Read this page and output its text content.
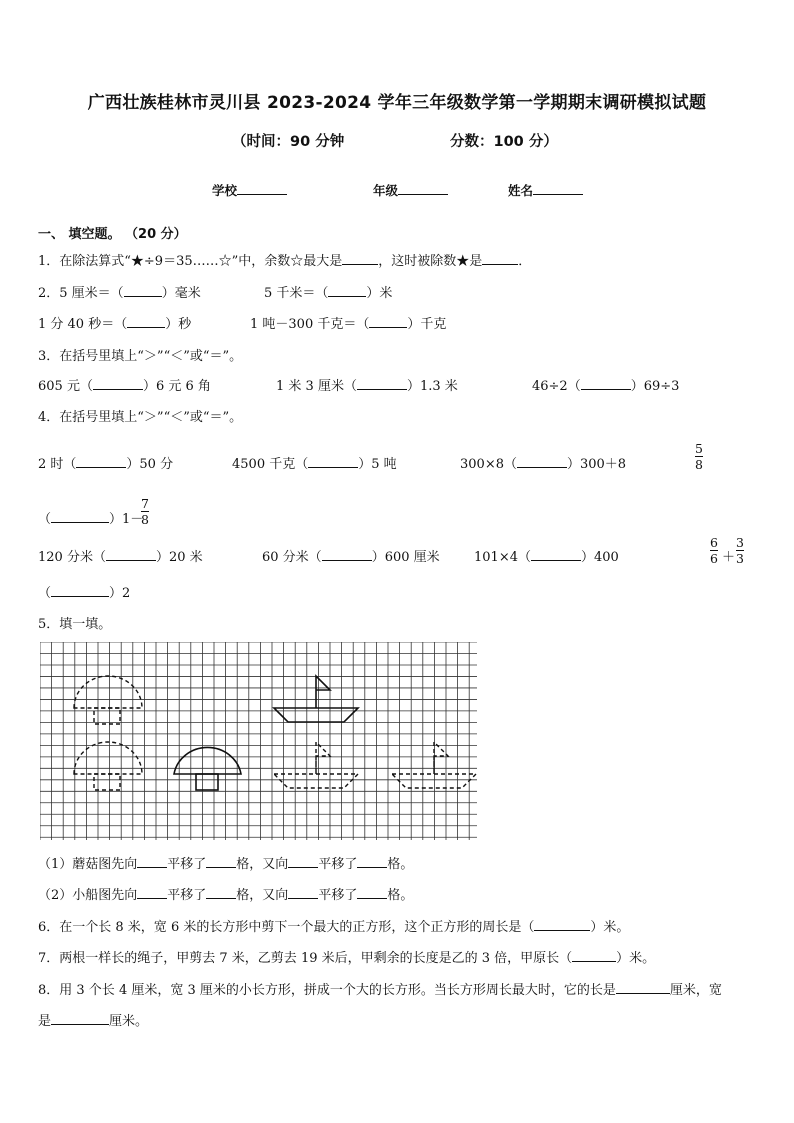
广西壮族桂林市灵川县 2023-2024 学年三年级数学第一学期期末调研模拟试题
（时间：90 分钟	分数：100 分）
学校	年级	姓名
一、 填空题。 （20 分）
1．在除法算式“★÷9＝35……☆”中，余数☆最大是	，这时被除数★是	．
2．5 厘米＝（	）毫米	5 千米＝（	）米
1 分 40 秒＝（	）秒	1 吨－300 千克＝（	）千克
3．在括号里填上“＞”“＜”或“＝”。
605 元（	）6 元 6 角	1 米 3 厘米（	）1.3 米	46÷2（	）69÷3
4．在括号里填上“＞”“＜”或“＝”。
2 时（	）50 分	4500 千克（	）5 吨	300×8（	）300＋8
5
8
（	）1－
7
8
120 分米（	）20 米	60 分米（	）600 厘米	101×4（	）400
6
6 ＋
3
3
（	）2
5．填一填。
（1）蘑菇图先向 平移了 格，又向 平移了 格。
（2）小船图先向 平移了 格，又向 平移了 格。
6．在一个长 8 米，宽 6 米的长方形中剪下一个最大的正方形，这个正方形的周长是（	）米。
7．两根一样长的绳子，甲剪去 7 米，乙剪去 19 米后，甲剩余的长度是乙的 3 倍，甲原长（	）米。
8．用 3 个长 4 厘米，宽 3 厘米的小长方形，拼成一个大的长方形。当长方形周长最大时，它的长是	厘米，宽
是	厘米。
